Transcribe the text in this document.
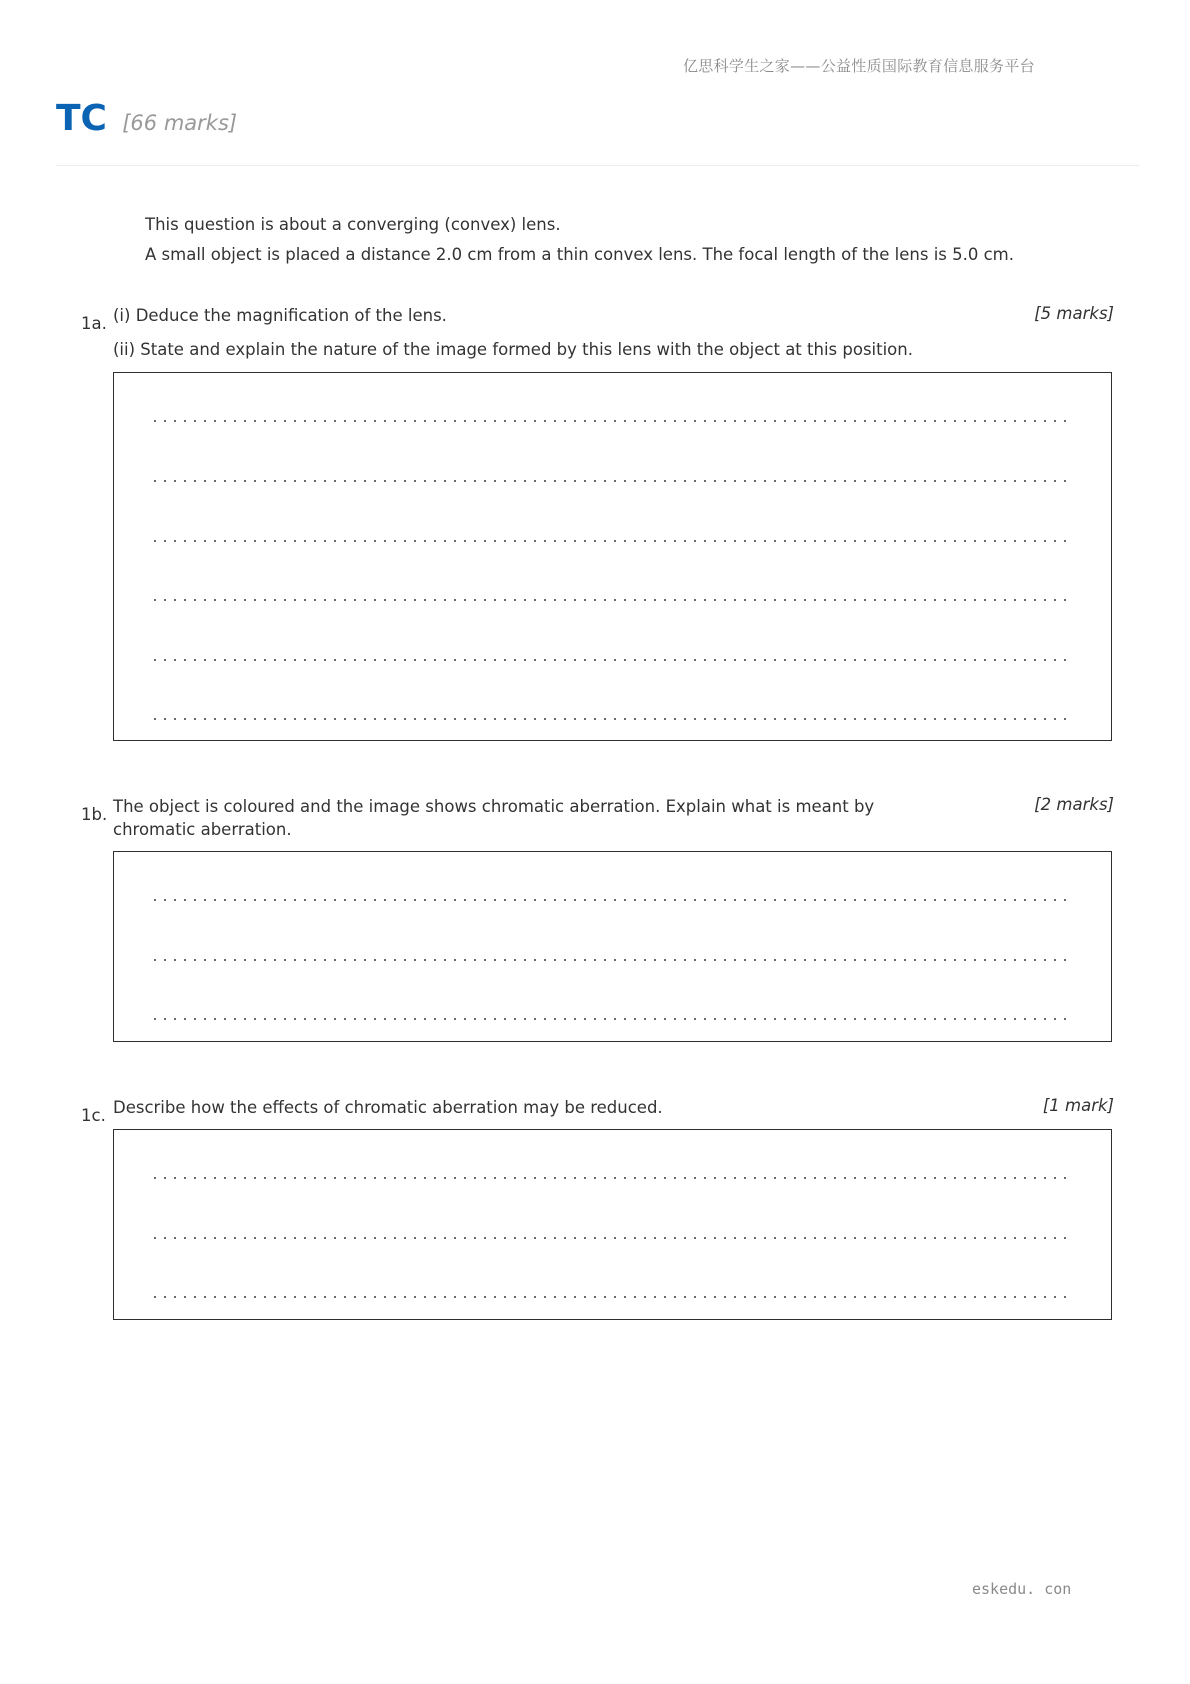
亿思科学生之家——公益性质国际教育信息服务平台
TC [66 marks]

This question is about a converging (convex) lens.

A small object is placed a distance 2.0 cm from a thin convex lens. The focal length of the lens is 5.0 cm.

1a. (i) Deduce the magnification of the lens.

(ii) State and explain the nature of the image formed by this lens with the object at this position.

[5 marks]
1b. The object is coloured and the image shows chromatic aberration. Explain what is meant by chromatic aberration.

[2 marks]
1c. Describe how the effects of chromatic aberration may be reduced.	[1 mark]
eskedu. con
